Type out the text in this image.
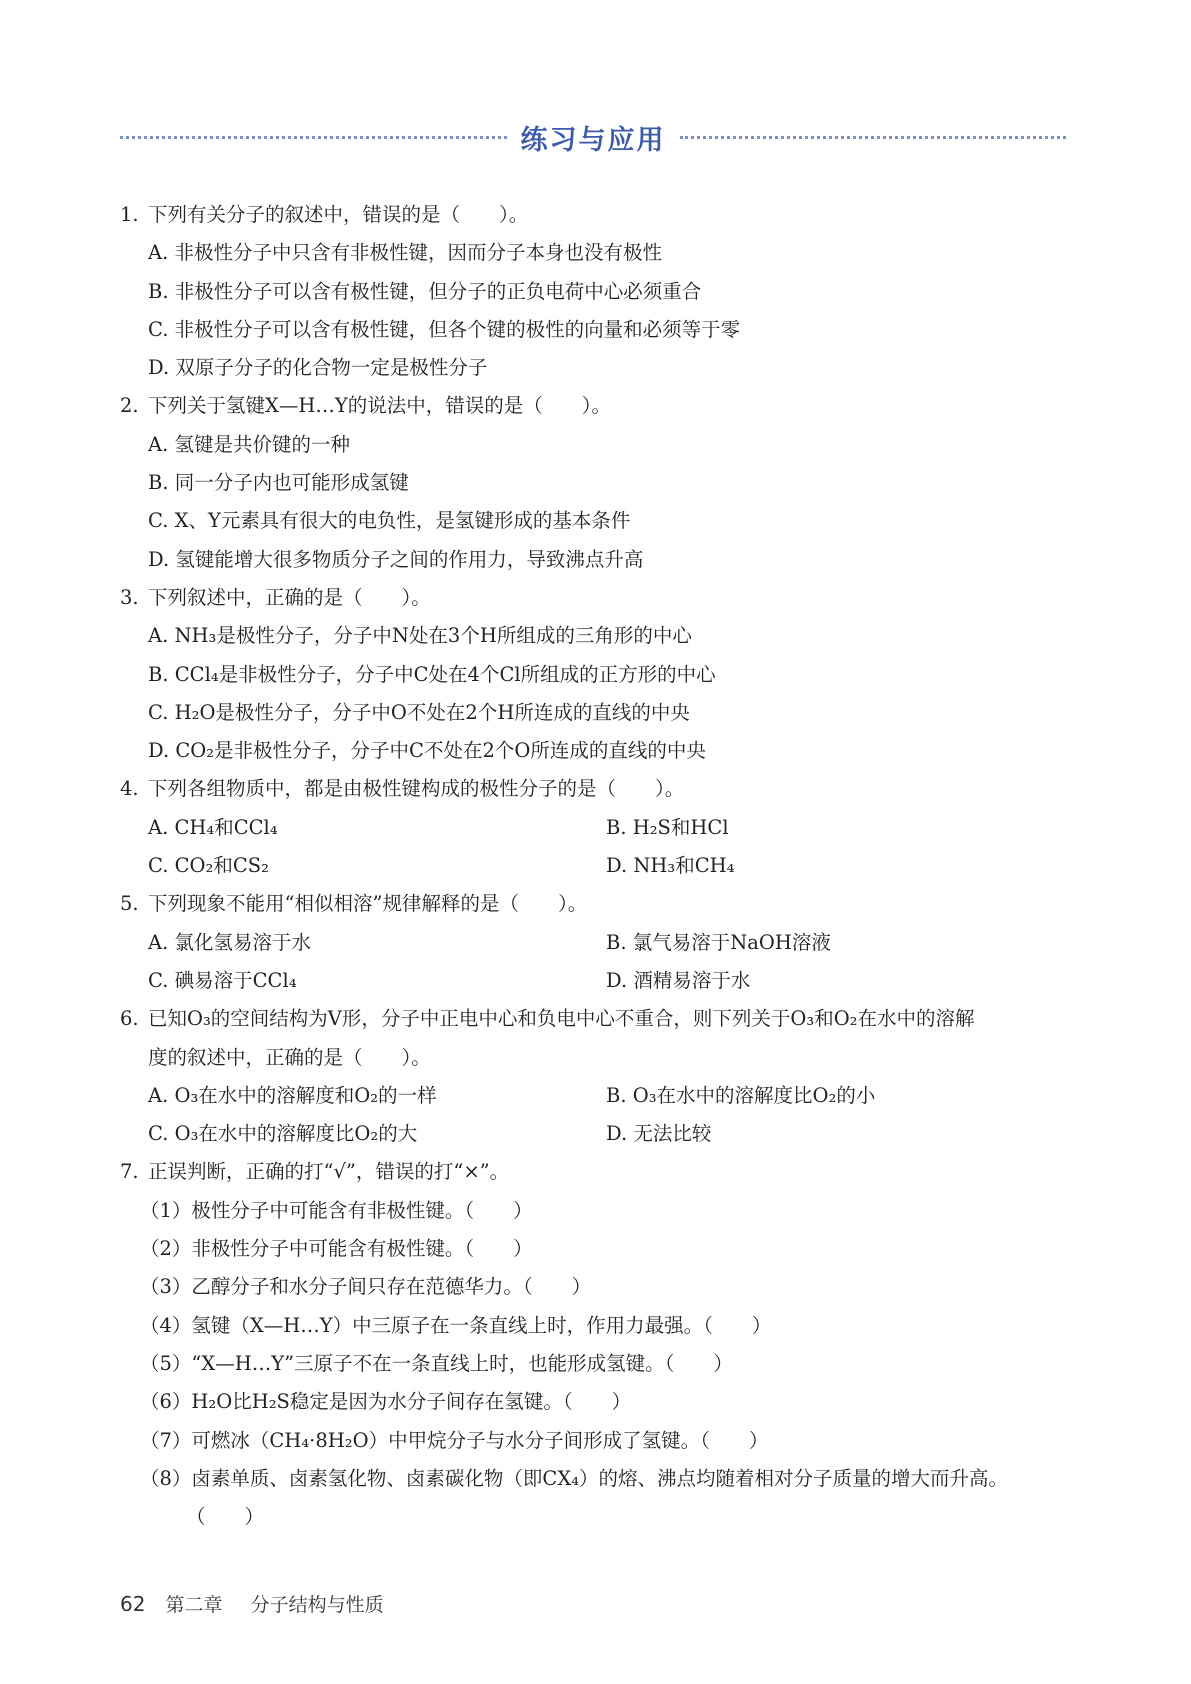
练习与应用
1. 下列有关分子的叙述中，错误的是（　　）。
A. 非极性分子中只含有非极性键，因而分子本身也没有极性
B. 非极性分子可以含有极性键，但分子的正负电荷中心必须重合
C. 非极性分子可以含有极性键，但各个键的极性的向量和必须等于零
D. 双原子分子的化合物一定是极性分子
2. 下列关于氢键X—H…Y的说法中，错误的是（　　）。
A. 氢键是共价键的一种
B. 同一分子内也可能形成氢键
C. X、Y元素具有很大的电负性，是氢键形成的基本条件
D. 氢键能增大很多物质分子之间的作用力，导致沸点升高
3. 下列叙述中，正确的是（　　）。
A. NH₃是极性分子，分子中N处在3个H所组成的三角形的中心
B. CCl₄是非极性分子，分子中C处在4个Cl所组成的正方形的中心
C. H₂O是极性分子，分子中O不处在2个H所连成的直线的中央
D. CO₂是非极性分子，分子中C不处在2个O所连成的直线的中央
4. 下列各组物质中，都是由极性键构成的极性分子的是（　　）。
A. CH₄和CCl₄	B. H₂S和HCl
C. CO₂和CS₂	D. NH₃和CH₄
5. 下列现象不能用“相似相溶”规律解释的是（　　）。
A. 氯化氢易溶于水	B. 氯气易溶于NaOH溶液
C. 碘易溶于CCl₄	D. 酒精易溶于水
6. 已知O₃的空间结构为V形，分子中正电中心和负电中心不重合，则下列关于O₃和O₂在水中的溶解
度的叙述中，正确的是（　　）。
A. O₃在水中的溶解度和O₂的一样	B. O₃在水中的溶解度比O₂的小
C. O₃在水中的溶解度比O₂的大	D. 无法比较
7. 正误判断，正确的打“√”，错误的打“×”。
（1）极性分子中可能含有非极性键。（　　）
（2）非极性分子中可能含有极性键。（　　）
（3）乙醇分子和水分子间只存在范德华力。（　　）
（4）氢键（X—H…Y）中三原子在一条直线上时，作用力最强。（　　）
（5）“X—H…Y”三原子不在一条直线上时，也能形成氢键。（　　）
（6）H₂O比H₂S稳定是因为水分子间存在氢键。（　　）
（7）可燃冰（CH₄·8H₂O）中甲烷分子与水分子间形成了氢键。（　　）
（8）卤素单质、卤素氢化物、卤素碳化物（即CX₄）的熔、沸点均随着相对分子质量的增大而升高。
（　　）
62 第二章 分子结构与性质
